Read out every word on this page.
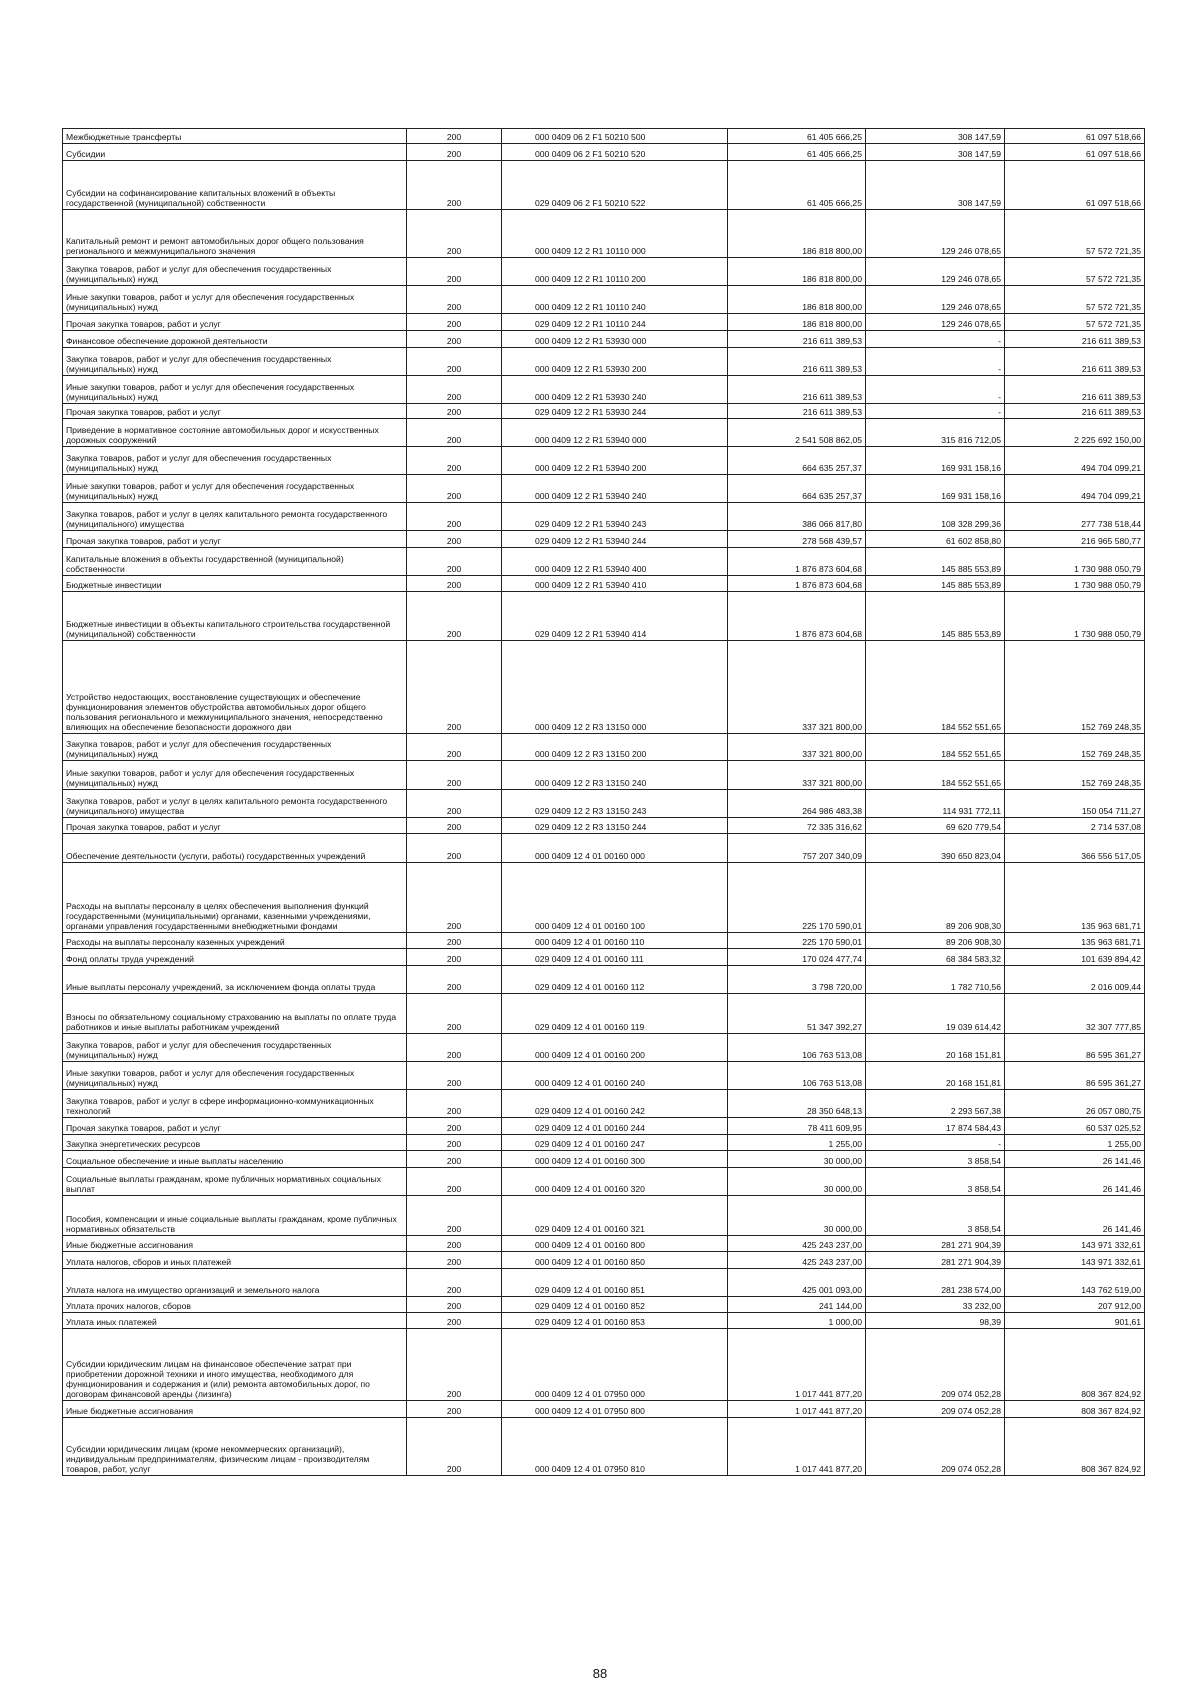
Межбюджетные трансферты	200	000 0409 06 2 F1 50210 500	61 405 666,25	308 147,59	61 097 518,66
Субсидии	200	000 0409 06 2 F1 50210 520	61 405 666,25	308 147,59	61 097 518,66
Субсидии на софинансирование капитальных вложений в объекты государственной (муниципальной) собственности	200	029 0409 06 2 F1 50210 522	61 405 666,25	308 147,59	61 097 518,66
Капитальный ремонт и ремонт автомобильных дорог общего пользования регионального и межмуниципального значения	200	000 0409 12 2 R1 10110 000	186 818 800,00	129 246 078,65	57 572 721,35
Закупка товаров, работ и услуг для обеспечения государственных (муниципальных) нужд	200	000 0409 12 2 R1 10110 200	186 818 800,00	129 246 078,65	57 572 721,35
Иные закупки товаров, работ и услуг для обеспечения государственных (муниципальных) нужд	200	000 0409 12 2 R1 10110 240	186 818 800,00	129 246 078,65	57 572 721,35
Прочая закупка товаров, работ и услуг	200	029 0409 12 2 R1 10110 244	186 818 800,00	129 246 078,65	57 572 721,35
Финансовое обеспечение дорожной деятельности	200	000 0409 12 2 R1 53930 000	216 611 389,53	-	216 611 389,53
Закупка товаров, работ и услуг для обеспечения государственных (муниципальных) нужд	200	000 0409 12 2 R1 53930 200	216 611 389,53	-	216 611 389,53
Иные закупки товаров, работ и услуг для обеспечения государственных (муниципальных) нужд	200	000 0409 12 2 R1 53930 240	216 611 389,53	-	216 611 389,53
Прочая закупка товаров, работ и услуг	200	029 0409 12 2 R1 53930 244	216 611 389,53	-	216 611 389,53
Приведение в нормативное состояние автомобильных дорог и искусственных дорожных сооружений	200	000 0409 12 2 R1 53940 000	2 541 508 862,05	315 816 712,05	2 225 692 150,00
Закупка товаров, работ и услуг для обеспечения государственных (муниципальных) нужд	200	000 0409 12 2 R1 53940 200	664 635 257,37	169 931 158,16	494 704 099,21
Иные закупки товаров, работ и услуг для обеспечения государственных (муниципальных) нужд	200	000 0409 12 2 R1 53940 240	664 635 257,37	169 931 158,16	494 704 099,21
Закупка товаров, работ и услуг в целях капитального ремонта государственного (муниципального) имущества	200	029 0409 12 2 R1 53940 243	386 066 817,80	108 328 299,36	277 738 518,44
Прочая закупка товаров, работ и услуг	200	029 0409 12 2 R1 53940 244	278 568 439,57	61 602 858,80	216 965 580,77
Капитальные вложения в объекты государственной (муниципальной) собственности	200	000 0409 12 2 R1 53940 400	1 876 873 604,68	145 885 553,89	1 730 988 050,79
Бюджетные инвестиции	200	000 0409 12 2 R1 53940 410	1 876 873 604,68	145 885 553,89	1 730 988 050,79
Бюджетные инвестиции в объекты капитального строительства государственной (муниципальной) собственности	200	029 0409 12 2 R1 53940 414	1 876 873 604,68	145 885 553,89	1 730 988 050,79
Устройство недостающих, восстановление существующих и обеспечение функционирования элементов обустройства автомобильных дорог общего пользования регионального и межмуниципального значения, непосредственно влияющих на обеспечение безопасности дорожного дви	200	000 0409 12 2 R3 13150 000	337 321 800,00	184 552 551,65	152 769 248,35
Закупка товаров, работ и услуг для обеспечения государственных (муниципальных) нужд	200	000 0409 12 2 R3 13150 200	337 321 800,00	184 552 551,65	152 769 248,35
Иные закупки товаров, работ и услуг для обеспечения государственных (муниципальных) нужд	200	000 0409 12 2 R3 13150 240	337 321 800,00	184 552 551,65	152 769 248,35
Закупка товаров, работ и услуг в целях капитального ремонта государственного (муниципального) имущества	200	029 0409 12 2 R3 13150 243	264 986 483,38	114 931 772,11	150 054 711,27
Прочая закупка товаров, работ и услуг	200	029 0409 12 2 R3 13150 244	72 335 316,62	69 620 779,54	2 714 537,08
Обеспечение деятельности (услуги, работы) государственных учреждений	200	000 0409 12 4 01 00160 000	757 207 340,09	390 650 823,04	366 556 517,05
Расходы на выплаты персоналу в целях обеспечения выполнения функций государственными (муниципальными) органами, казенными учреждениями, органами управления государственными внебюджетными фондами	200	000 0409 12 4 01 00160 100	225 170 590,01	89 206 908,30	135 963 681,71
Расходы на выплаты персоналу казенных учреждений	200	000 0409 12 4 01 00160 110	225 170 590,01	89 206 908,30	135 963 681,71
Фонд оплаты труда учреждений	200	029 0409 12 4 01 00160 111	170 024 477,74	68 384 583,32	101 639 894,42
Иные выплаты персоналу учреждений, за исключением фонда оплаты труда	200	029 0409 12 4 01 00160 112	3 798 720,00	1 782 710,56	2 016 009,44
Взносы по обязательному социальному страхованию на выплаты по оплате труда работников и иные выплаты работникам учреждений	200	029 0409 12 4 01 00160 119	51 347 392,27	19 039 614,42	32 307 777,85
Закупка товаров, работ и услуг для обеспечения государственных (муниципальных) нужд	200	000 0409 12 4 01 00160 200	106 763 513,08	20 168 151,81	86 595 361,27
Иные закупки товаров, работ и услуг для обеспечения государственных (муниципальных) нужд	200	000 0409 12 4 01 00160 240	106 763 513,08	20 168 151,81	86 595 361,27
Закупка товаров, работ и услуг в сфере информационно-коммуникационных технологий	200	029 0409 12 4 01 00160 242	28 350 648,13	2 293 567,38	26 057 080,75
Прочая закупка товаров, работ и услуг	200	029 0409 12 4 01 00160 244	78 411 609,95	17 874 584,43	60 537 025,52
Закупка энергетических ресурсов	200	029 0409 12 4 01 00160 247	1 255,00	-	1 255,00
Социальное обеспечение и иные выплаты населению	200	000 0409 12 4 01 00160 300	30 000,00	3 858,54	26 141,46
Социальные выплаты гражданам, кроме публичных нормативных социальных выплат	200	000 0409 12 4 01 00160 320	30 000,00	3 858,54	26 141,46
Пособия, компенсации и иные социальные выплаты гражданам, кроме публичных нормативных обязательств	200	029 0409 12 4 01 00160 321	30 000,00	3 858,54	26 141,46
Иные бюджетные ассигнования	200	000 0409 12 4 01 00160 800	425 243 237,00	281 271 904,39	143 971 332,61
Уплата налогов, сборов и иных платежей	200	000 0409 12 4 01 00160 850	425 243 237,00	281 271 904,39	143 971 332,61
Уплата налога на имущество организаций и земельного налога	200	029 0409 12 4 01 00160 851	425 001 093,00	281 238 574,00	143 762 519,00
Уплата прочих налогов, сборов	200	029 0409 12 4 01 00160 852	241 144,00	33 232,00	207 912,00
Уплата иных платежей	200	029 0409 12 4 01 00160 853	1 000,00	98,39	901,61
Субсидии юридическим лицам на финансовое обеспечение затрат при приобретении дорожной техники и иного имущества, необходимого для функционирования и содержания и (или) ремонта автомобильных дорог, по договорам финансовой аренды (лизинга)	200	000 0409 12 4 01 07950 000	1 017 441 877,20	209 074 052,28	808 367 824,92
Иные бюджетные ассигнования	200	000 0409 12 4 01 07950 800	1 017 441 877,20	209 074 052,28	808 367 824,92
Субсидии юридическим лицам (кроме некоммерческих организаций), индивидуальным предпринимателям, физическим лицам - производителям товаров, работ, услуг	200	000 0409 12 4 01 07950 810	1 017 441 877,20	209 074 052,28	808 367 824,92
88
